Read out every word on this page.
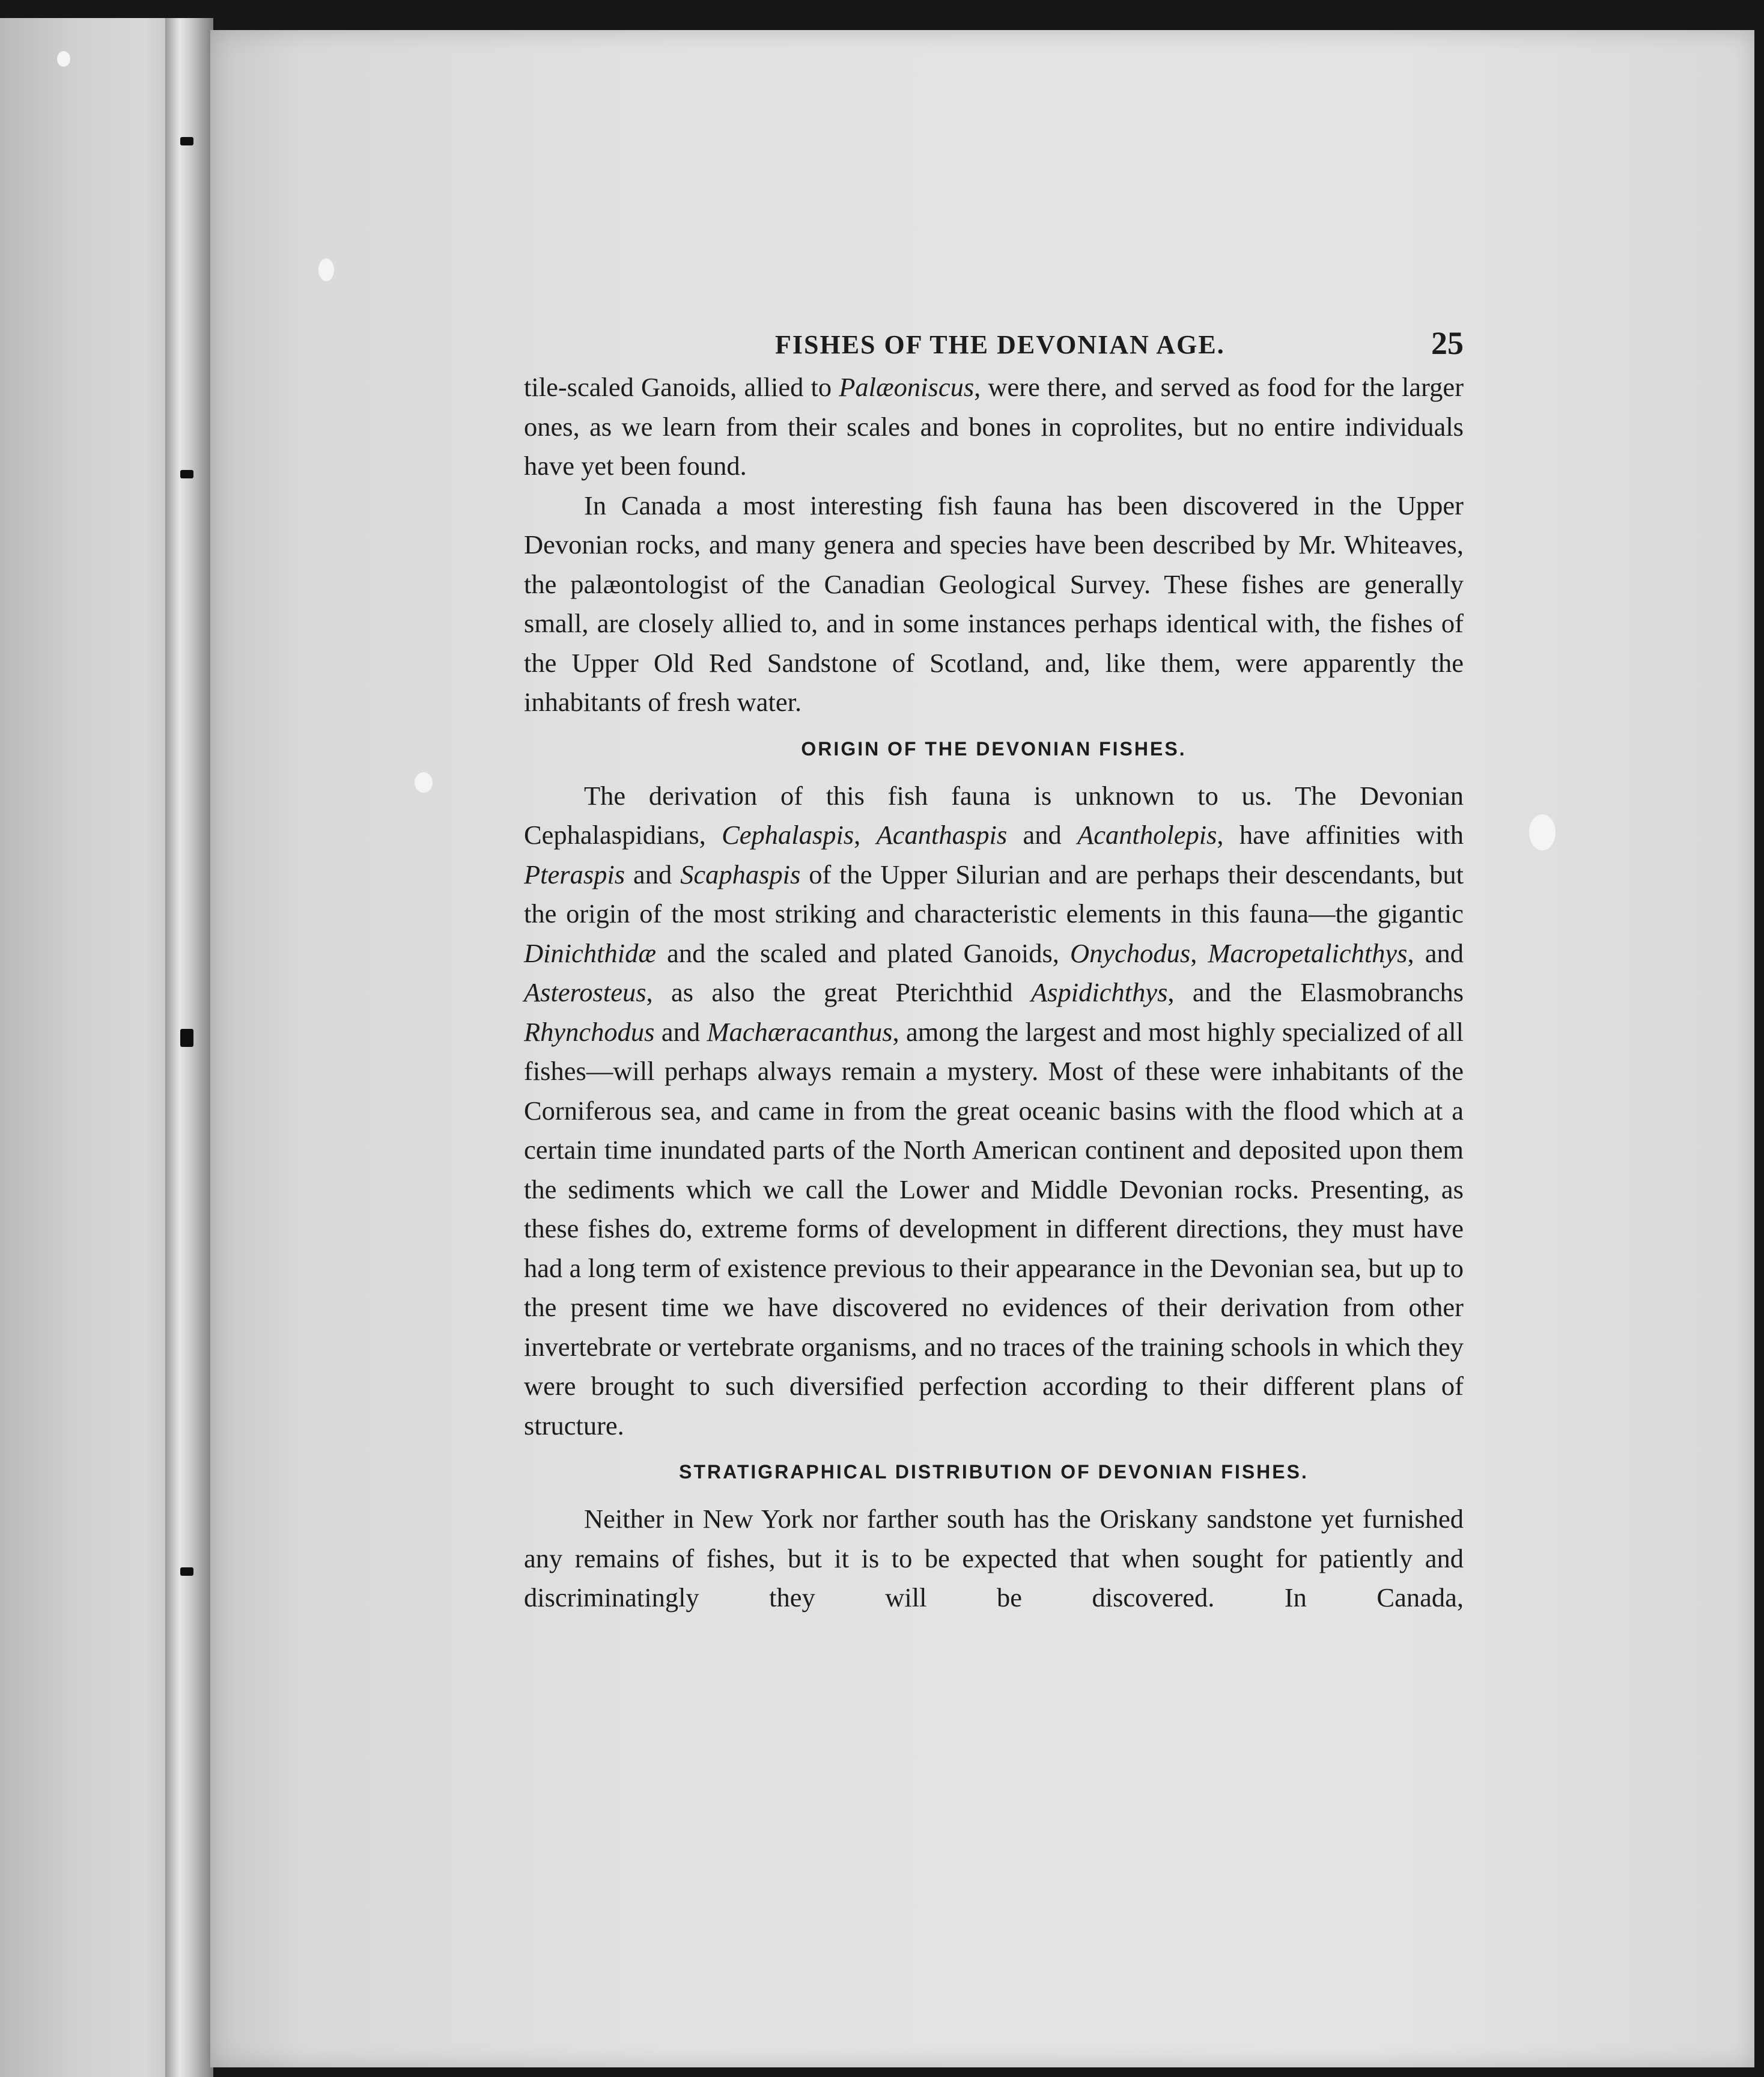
FISHES OF THE DEVONIAN AGE.	25

tile-scaled Ganoids, allied to Palæoniscus, were there, and served as food for the larger ones, as we learn from their scales and bones in coprolites, but no entire individuals have yet been found.

In Canada a most interesting fish fauna has been discovered in the Upper Devonian rocks, and many genera and species have been described by Mr. Whiteaves, the palæontologist of the Canadian Geological Survey. These fishes are generally small, are closely allied to, and in some instances perhaps identical with, the fishes of the Upper Old Red Sandstone of Scotland, and, like them, were apparently the inhabitants of fresh water.

ORIGIN OF THE DEVONIAN FISHES.

The derivation of this fish fauna is unknown to us. The Devonian Cephalaspidians, Cephalaspis, Acanthaspis and Acantholepis, have affinities with Pteraspis and Scaphaspis of the Upper Silurian and are perhaps their descendants, but the origin of the most striking and characteristic elements in this fauna—the gigantic Dinichthidæ and the scaled and plated Ganoids, Onychodus, Macropetalichthys, and Asterosteus, as also the great Pterichthid Aspidichthys, and the Elasmobranchs Rhynchodus and Machæracanthus, among the largest and most highly specialized of all fishes—will perhaps always remain a mystery. Most of these were inhabitants of the Corniferous sea, and came in from the great oceanic basins with the flood which at a certain time inundated parts of the North American continent and deposited upon them the sediments which we call the Lower and Middle Devonian rocks. Presenting, as these fishes do, extreme forms of development in different directions, they must have had a long term of existence previous to their appearance in the Devonian sea, but up to the present time we have discovered no evidences of their derivation from other invertebrate or vertebrate organisms, and no traces of the training schools in which they were brought to such diversified perfection according to their different plans of structure.

STRATIGRAPHICAL DISTRIBUTION OF DEVONIAN FISHES.

Neither in New York nor farther south has the Oriskany sandstone yet furnished any remains of fishes, but it is to be expected that when sought for patiently and discriminatingly they will be discovered. In Canada,
